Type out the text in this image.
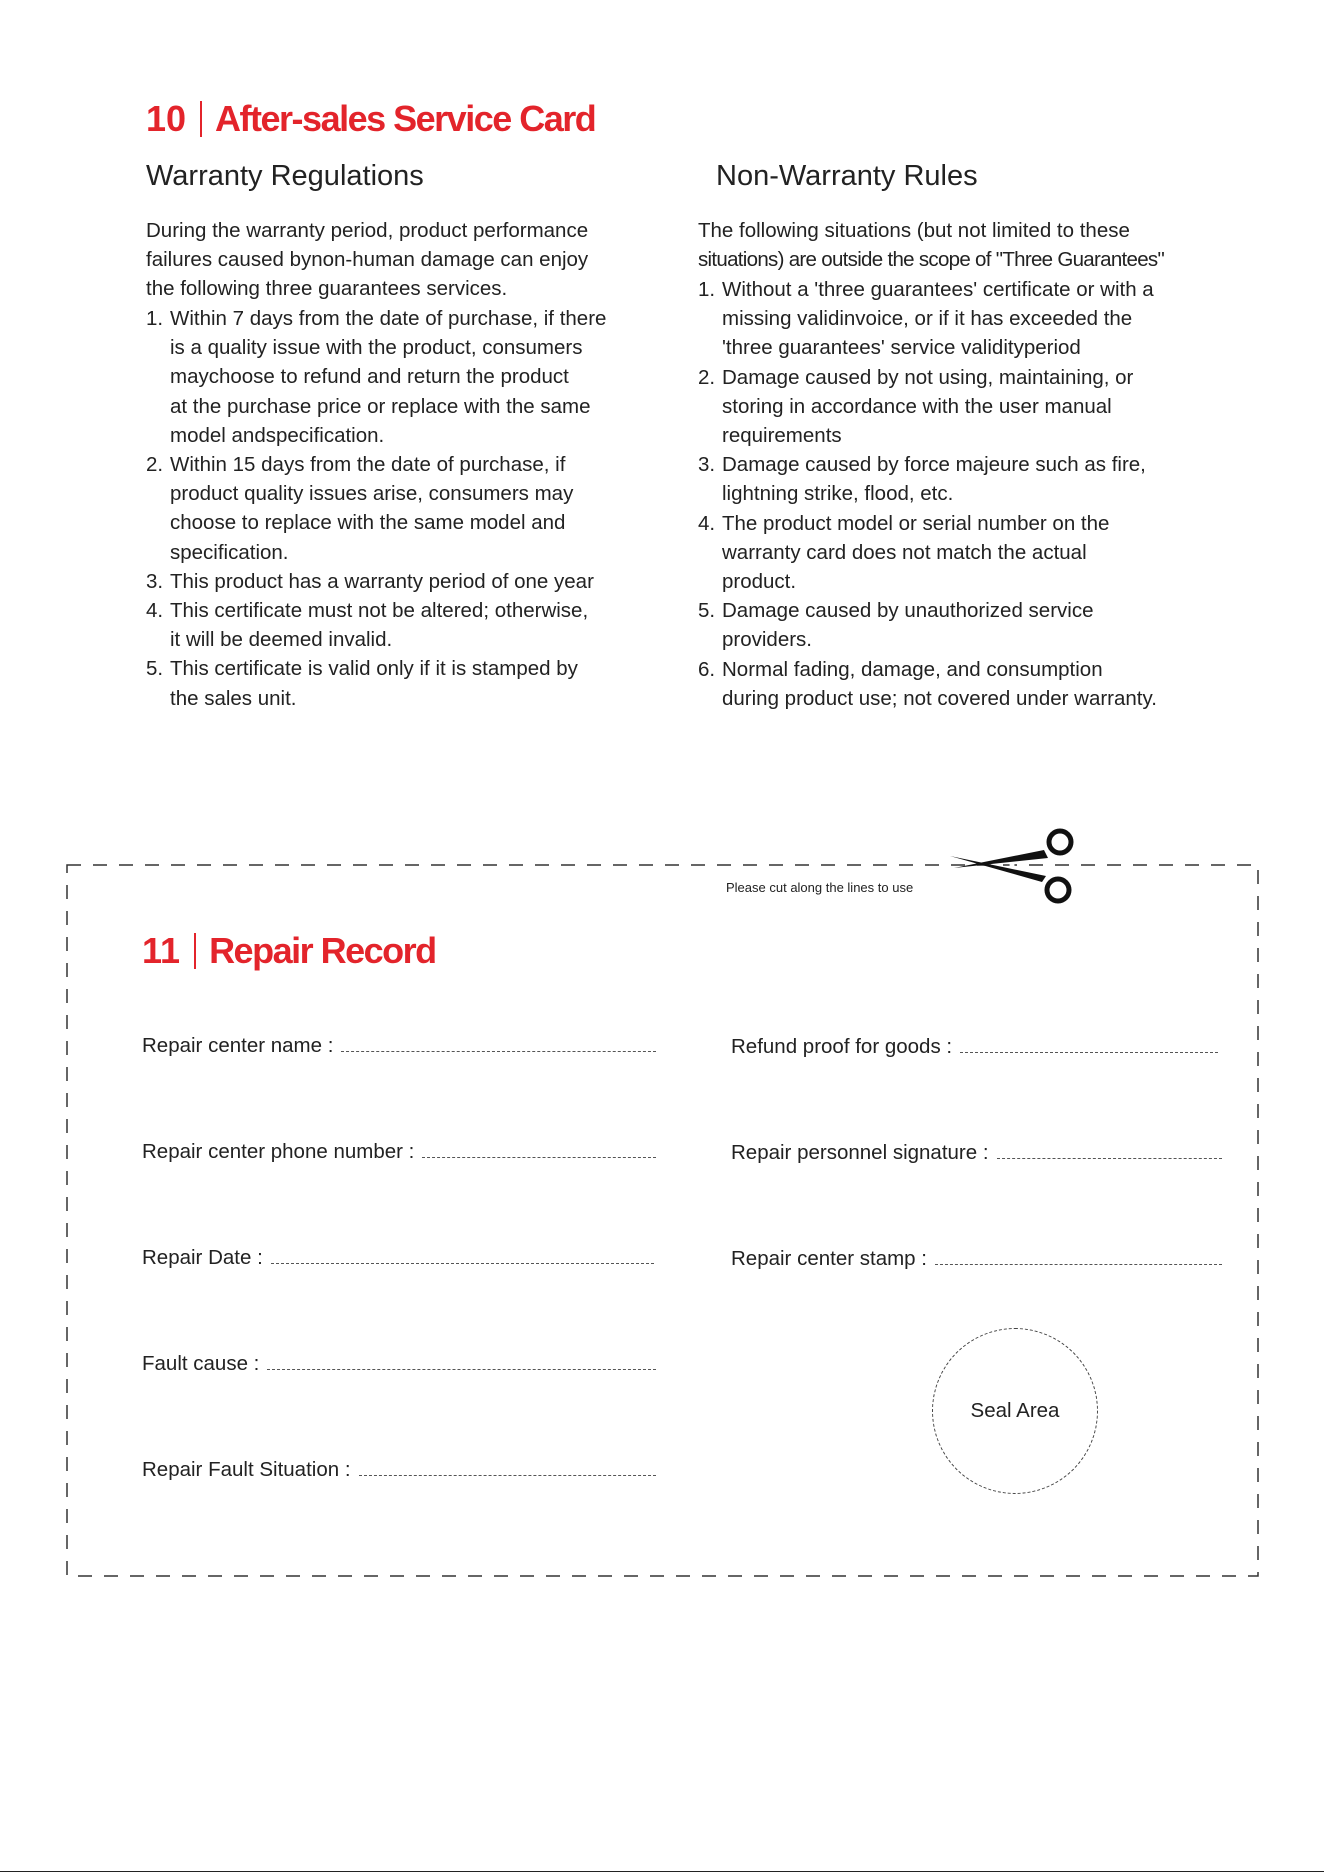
10 After-sales Service Card
Warranty Regulations
During the warranty period, product performance
failures caused bynon-human damage can enjoy
the following three guarantees services.
1. Within 7 days from the date of purchase, if there
is a quality issue with the product, consumers
maychoose to refund and return the product
at the purchase price or replace with the same
model andspecification.
2. Within 15 days from the date of purchase, if
product quality issues arise, consumers may
choose to replace with the same model and
specification.
3. This product has a warranty period of one year
4. This certificate must not be altered; otherwise,
it will be deemed invalid.
5. This certificate is valid only if it is stamped by
the sales unit.
Non-Warranty Rules
The following situations (but not limited to these
situations) are outside the scope of "Three Guarantees"
1. Without a 'three guarantees' certificate or with a
missing validinvoice, or if it has exceeded the
'three guarantees' service validityperiod
2. Damage caused by not using, maintaining, or
storing in accordance with the user manual
requirements
3. Damage caused by force majeure such as fire,
lightning strike, flood, etc.
4. The product model or serial number on the
warranty card does not match the actual
product.
5. Damage caused by unauthorized service
providers.
6. Normal fading, damage, and consumption
during product use; not covered under warranty.
Please cut along the lines to use
11 Repair Record
Repair center name :
Repair center phone number :
Repair Date :
Fault cause :
Repair Fault Situation :
Refund proof for goods :
Repair personnel signature :
Repair center stamp :
Seal Area
